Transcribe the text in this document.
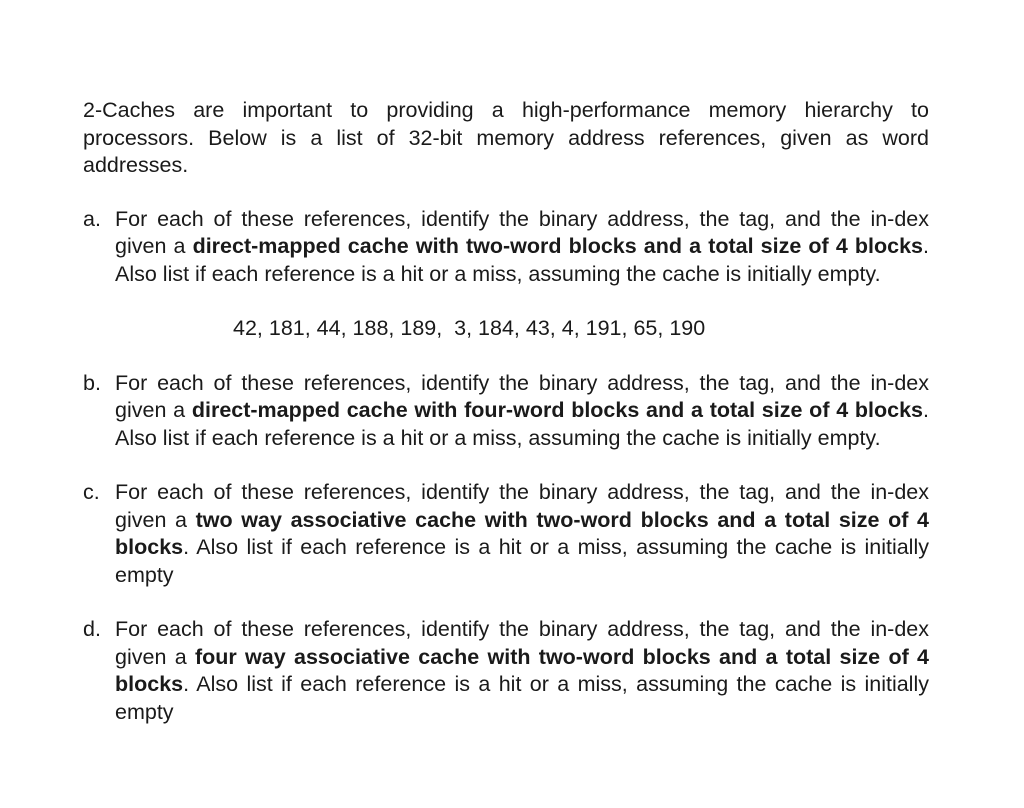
2-Caches are important to providing a high-performance memory hierarchy to processors. Below is a list of 32-bit memory address references, given as word addresses.

a. For each of these references, identify the binary address, the tag, and the in-dex given a direct-mapped cache with two-word blocks and a total size of 4 blocks. Also list if each reference is a hit or a miss, assuming the cache is initially empty.

42, 181, 44, 188, 189,  3, 184, 43, 4, 191, 65, 190
b. For each of these references, identify the binary address, the tag, and the in-dex given a direct-mapped cache with four-word blocks and a total size of 4 blocks. Also list if each reference is a hit or a miss, assuming the cache is initially empty.

c. For each of these references, identify the binary address, the tag, and the in-dex given a two way associative cache with two-word blocks and a total size of 4 blocks. Also list if each reference is a hit or a miss, assuming the cache is initially empty

d. For each of these references, identify the binary address, the tag, and the in-dex given a four way associative cache with two-word blocks and a total size of 4 blocks. Also list if each reference is a hit or a miss, assuming the cache is initially empty
